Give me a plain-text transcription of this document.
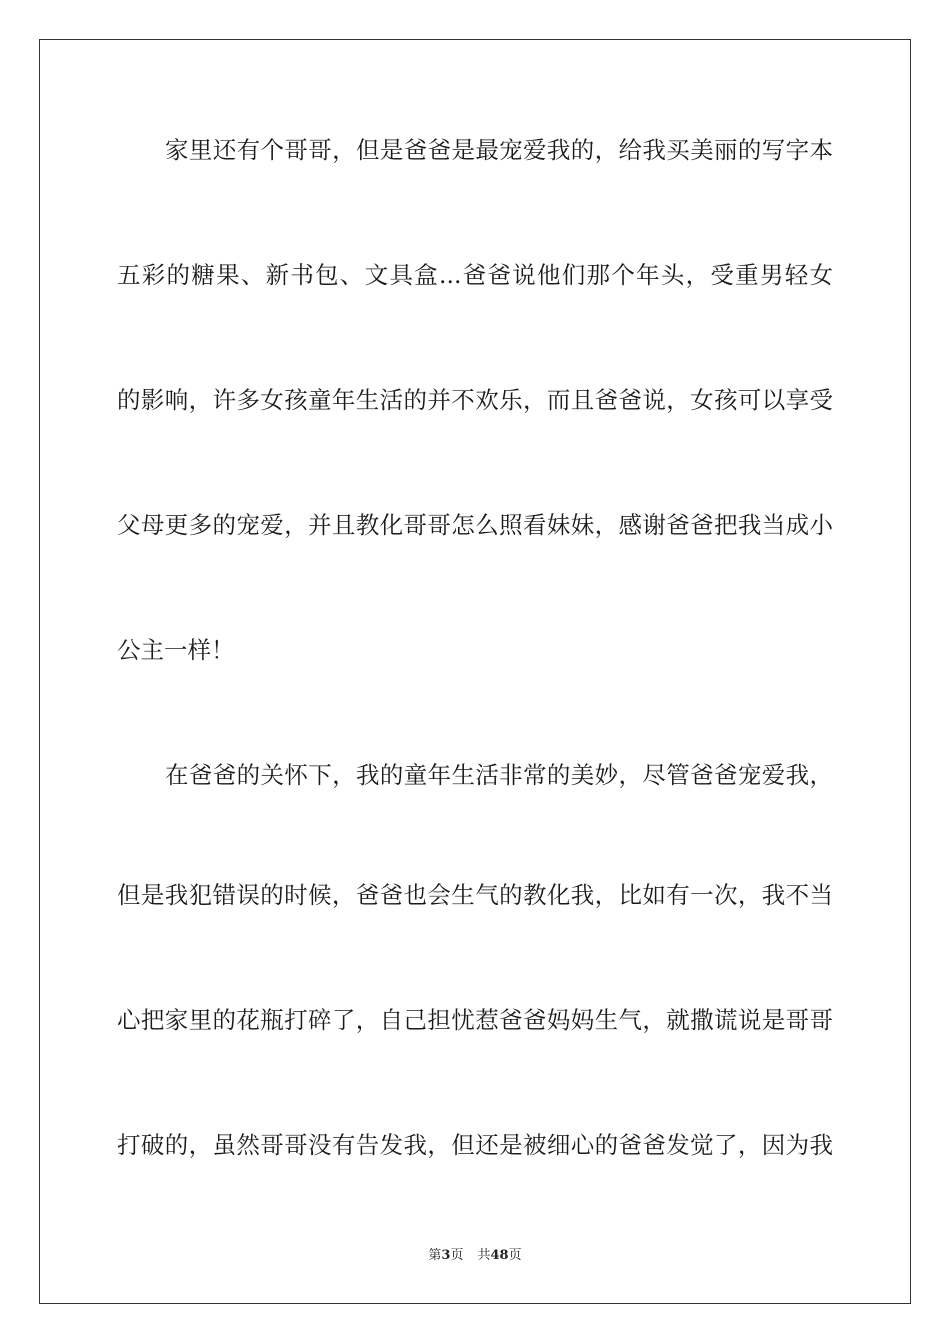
家里还有个哥哥，但是爸爸是最宠爱我的，给我买美丽的写字本
五彩的糖果、新书包、文具盒...爸爸说他们那个年头，受重男轻女
的影响，许多女孩童年生活的并不欢乐，而且爸爸说，女孩可以享受
父母更多的宠爱，并且教化哥哥怎么照看妹妹，感谢爸爸把我当成小
公主一样！
在爸爸的关怀下，我的童年生活非常的美妙，尽管爸爸宠爱我，
但是我犯错误的时候，爸爸也会生气的教化我，比如有一次，我不当
心把家里的花瓶打碎了，自己担忧惹爸爸妈妈生气，就撒谎说是哥哥
打破的，虽然哥哥没有告发我，但还是被细心的爸爸发觉了，因为我
第3页 共48页
